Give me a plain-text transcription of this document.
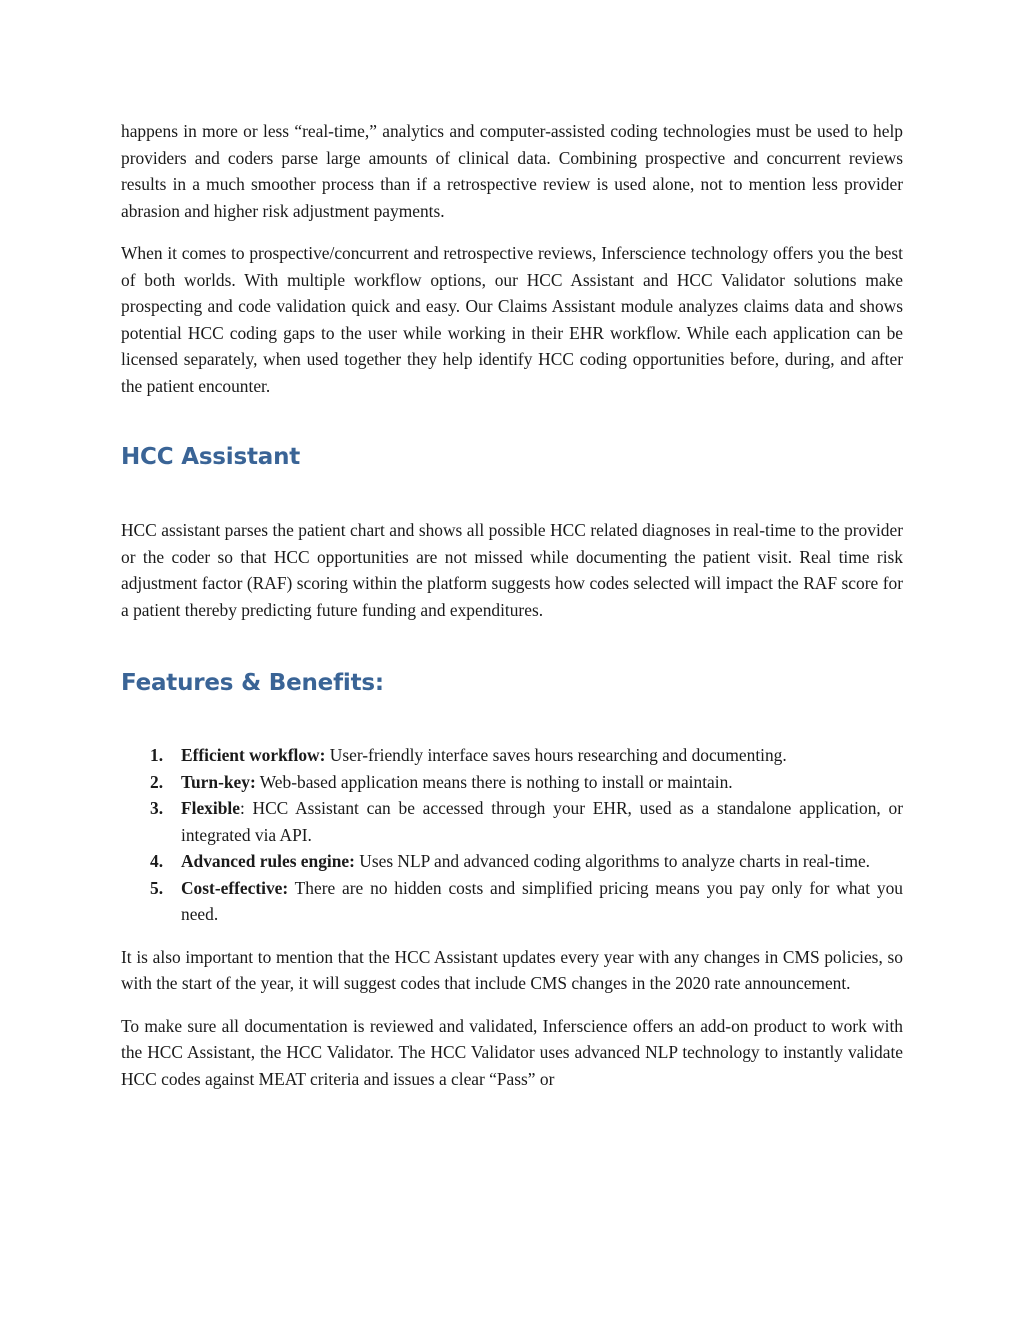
happens in more or less “real-time,” analytics and computer-assisted coding technologies must be used to help providers and coders parse large amounts of clinical data. Combining prospective and concurrent reviews results in a much smoother process than if a retrospective review is used alone, not to mention less provider abrasion and higher risk adjustment payments.

When it comes to prospective/concurrent and retrospective reviews, Inferscience technology offers you the best of both worlds. With multiple workflow options, our HCC Assistant and HCC Validator solutions make prospecting and code validation quick and easy. Our Claims Assistant module analyzes claims data and shows potential HCC coding gaps to the user while working in their EHR workflow. While each application can be licensed separately, when used together they help identify HCC coding opportunities before, during, and after the patient encounter.

HCC Assistant

HCC assistant parses the patient chart and shows all possible HCC related diagnoses in real-time to the provider or the coder so that HCC opportunities are not missed while documenting the patient visit. Real time risk adjustment factor (RAF) scoring within the platform suggests how codes selected will impact the RAF score for a patient thereby predicting future funding and expenditures.

Features & Benefits:
1. Efficient workflow: User-friendly interface saves hours researching and documenting.
2. Turn-key: Web-based application means there is nothing to install or maintain.
3. Flexible: HCC Assistant can be accessed through your EHR, used as a standalone application, or integrated via API.
4. Advanced rules engine: Uses NLP and advanced coding algorithms to analyze charts in real-time.
5. Cost-effective: There are no hidden costs and simplified pricing means you pay only for what you need.

It is also important to mention that the HCC Assistant updates every year with any changes in CMS policies, so with the start of the year, it will suggest codes that include CMS changes in the 2020 rate announcement.

To make sure all documentation is reviewed and validated, Inferscience offers an add-on product to work with the HCC Assistant, the HCC Validator. The HCC Validator uses advanced NLP technology to instantly validate HCC codes against MEAT criteria and issues a clear “Pass” or
